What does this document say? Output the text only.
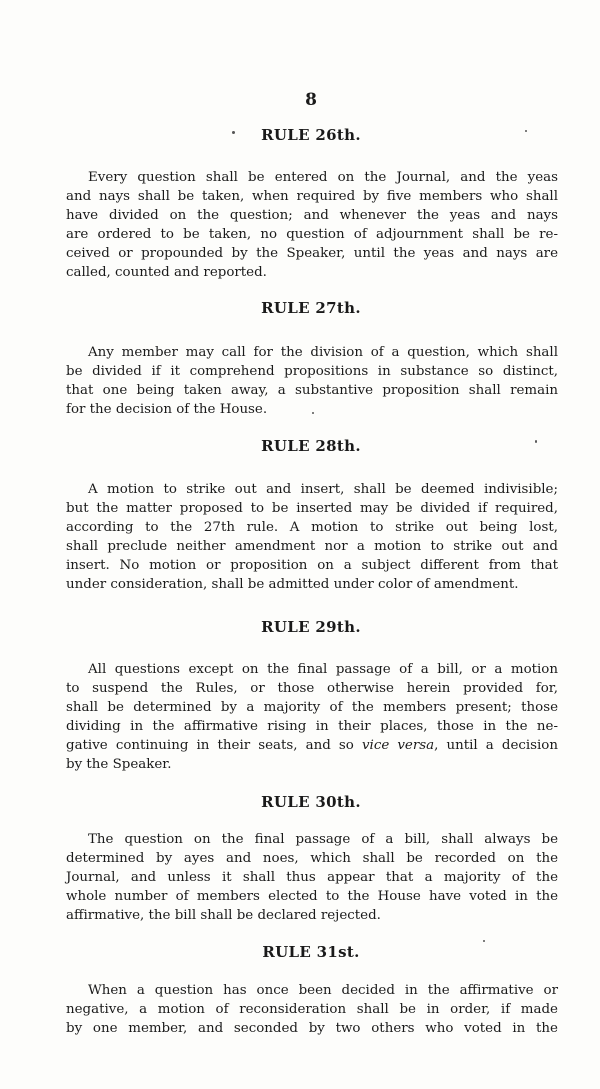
8
RULE 26th.
Every question shall be entered on the Journal, and the yeas
and nays shall be taken, when required by five members who shall
have divided on the question; and whenever the yeas and nays
are ordered to be taken, no question of adjournment shall be re-
ceived or propounded by the Speaker, until the yeas and nays are
called, counted and reported.
RULE 27th.
Any member may call for the division of a question, which shall
be divided if it comprehend propositions in substance so distinct,
that one being taken away, a substantive proposition shall remain
for the decision of the House.
RULE 28th.
A motion to strike out and insert, shall be deemed indivisible;
but the matter proposed to be inserted may be divided if required,
according to the 27th rule. A motion to strike out being lost,
shall preclude neither amendment nor a motion to strike out and
insert. No motion or proposition on a subject different from that
under consideration, shall be admitted under color of amendment.
RULE 29th.
All questions except on the final passage of a bill, or a motion
to suspend the Rules, or those otherwise herein provided for,
shall be determined by a majority of the members present; those
dividing in the affirmative rising in their places, those in the ne-
gative continuing in their seats, and so vice versa, until a decision
by the Speaker.
RULE 30th.
The question on the final passage of a bill, shall always be
determined by ayes and noes, which shall be recorded on the
Journal, and unless it shall thus appear that a majority of the
whole number of members elected to the House have voted in the
affirmative, the bill shall be declared rejected.
RULE 31st.
When a question has once been decided in the affirmative or
negative, a motion of reconsideration shall be in order, if made
by one member, and seconded by two others who voted in the
